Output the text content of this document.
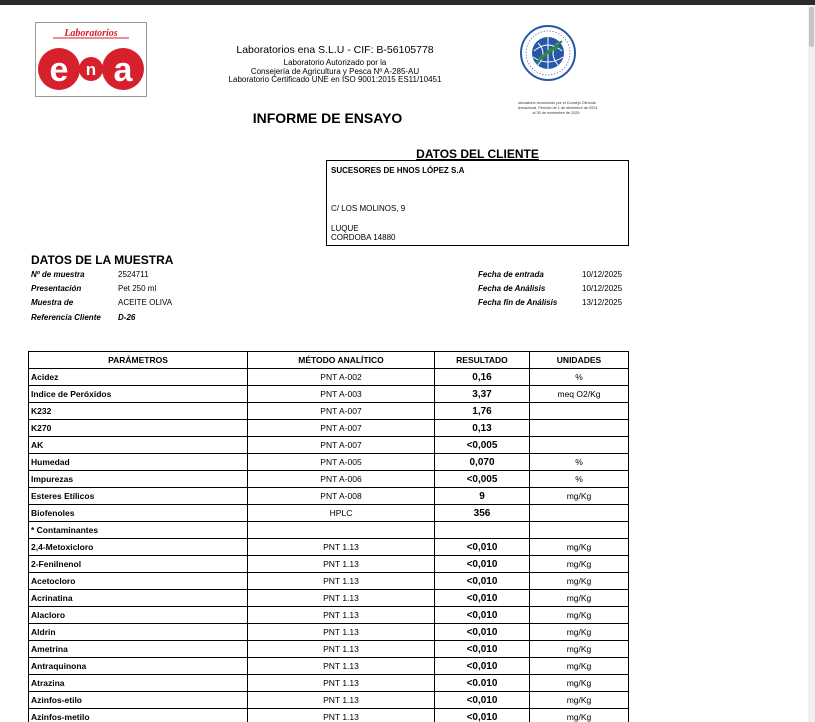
Laboratorios
e n a
Laboratorios ena S.L.U - CIF: B-56105778
Laboratorio Autorizado por la
Consejería de Agricultura y Pesca Nº A-285-AU
Laboratorio Certificado UNE en ISO 9001:2015 ES11/10451
Laboratorio reconocido por el Consejo Oleícola
Internacional. Periodo de 1 de diciembre de 2024
al 30 de noviembre de 2025
INFORME DE ENSAYO
DATOS DEL CLIENTE
SUCESORES DE HNOS LÓPEZ S.A
C/ LOS MOLINOS, 9
LUQUE
CORDOBA 14880
DATOS DE LA MUESTRA
Nº de muestra	2524711
Presentación	Pet 250 ml
Muestra de	ACEITE OLIVA
Referencia Cliente D-26
Fecha de entrada	10/12/2025
Fecha de Análisis	10/12/2025
Fecha fin de Análisis	13/12/2025
PARÁMETROS	MÉTODO ANALÍTICO	RESULTADO	UNIDADES
Acidez	PNT A-002	0,16	%
Indice de Peróxidos	PNT A-003	3,37	meq O2/Kg
K232	PNT A-007	1,76	
K270	PNT A-007	0,13	
AK	PNT A-007	<0,005	
Humedad	PNT A-005	0,070	%
Impurezas	PNT A-006	<0,005	%
Esteres Etílicos	PNT A-008	9	mg/Kg
Biofenoles	HPLC	356	
* Contaminantes			
2,4-Metoxicloro	PNT 1.13	<0,010	mg/Kg
2-Fenilnenol	PNT 1.13	<0,010	mg/Kg
Acetocloro	PNT 1.13	<0,010	mg/Kg
Acrinatina	PNT 1.13	<0,010	mg/Kg
Alacloro	PNT 1.13	<0,010	mg/Kg
Aldrin	PNT 1.13	<0,010	mg/Kg
Ametrina	PNT 1.13	<0,010	mg/Kg
Antraquinona	PNT 1.13	<0,010	mg/Kg
Atrazina	PNT 1.13	<0.010	mg/Kg
Azinfos-etilo	PNT 1.13	<0,010	mg/Kg
Azinfos-metilo	PNT 1.13	<0,010	mg/Kg
